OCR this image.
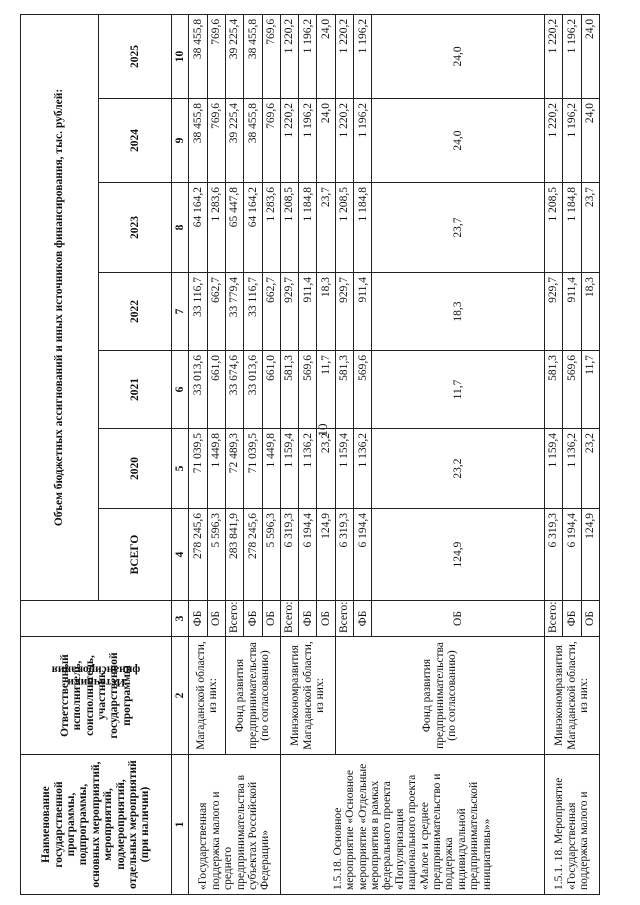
10
Наименование государственной программы, подпрограммы, основных мероприятий, мероприятий, подмероприятий, отдельных мероприятий (при наличии)	Ответственный исполнитель, соисполнитель, участник государственной программы	Источники финансирования	Объем бюджетных ассигнований и иных источников финансирования, тыс. рублей:						
			ВСЕГО	2020	2021	2022	2023	2024	2025
1	2	3	4	5	6	7	8	9	10
«Государственная поддержка малого и среднего предпринимательства в субъектах Российской Федерации»	Магаданской области, из них:	ФБ	278 245,6	71 039,5	33 013,6	33 116,7	64 164,2	38 455,8	38 455,8
		ОБ	5 596,3	1 449,8	661,0	662,7	1 283,6	769,6	769,6
	Фонд развития предпринимательства (по согласованию)	Всего:	283 841,9	72 489,3	33 674,6	33 779,4	65 447,8	39 225,4	39 225,4
		ФБ	278 245,6	71 039,5	33 013,6	33 116,7	64 164,2	38 455,8	38 455,8
		ОБ	5 596,3	1 449,8	661,0	662,7	1 283,6	769,6	769,6
1.5.18. Основное мероприятие «Основное мероприятие «Отдельные мероприятия в рамках федерального проекта «Популяризация национального проекта «Малое и среднее предпринимательство и поддержка индивидуальной предпринимательской инициативы»»	Минэкономразвития Магаданской области, из них:	Всего:	6 319,3	1 159,4	581,3	929,7	1 208,5	1 220,2	1 220,2
		ФБ	6 194,4	1 136,2	569,6	911,4	1 184,8	1 196,2	1 196,2
		ОБ	124,9	23,2	11,7	18,3	23,7	24,0	24,0
	Фонд развития предпринимательства (по согласованию)	Всего:	6 319,3	1 159,4	581,3	929,7	1 208,5	1 220,2	1 220,2
		ФБ	6 194,4	1 136,2	569,6	911,4	1 184,8	1 196,2	1 196,2
		ОБ	124,9	23,2	11,7	18,3	23,7	24,0	24,0
1.5.1. 18. Мероприятие «Государственная поддержка малого и	Минэкономразвития Магаданской области, из них:	Всего:	6 319,3	1 159,4	581,3	929,7	1 208,5	1 220,2	1 220,2
		ФБ	6 194,4	1 136,2	569,6	911,4	1 184,8	1 196,2	1 196,2
		ОБ	124,9	23,2	11,7	18,3	23,7	24,0	24,0
